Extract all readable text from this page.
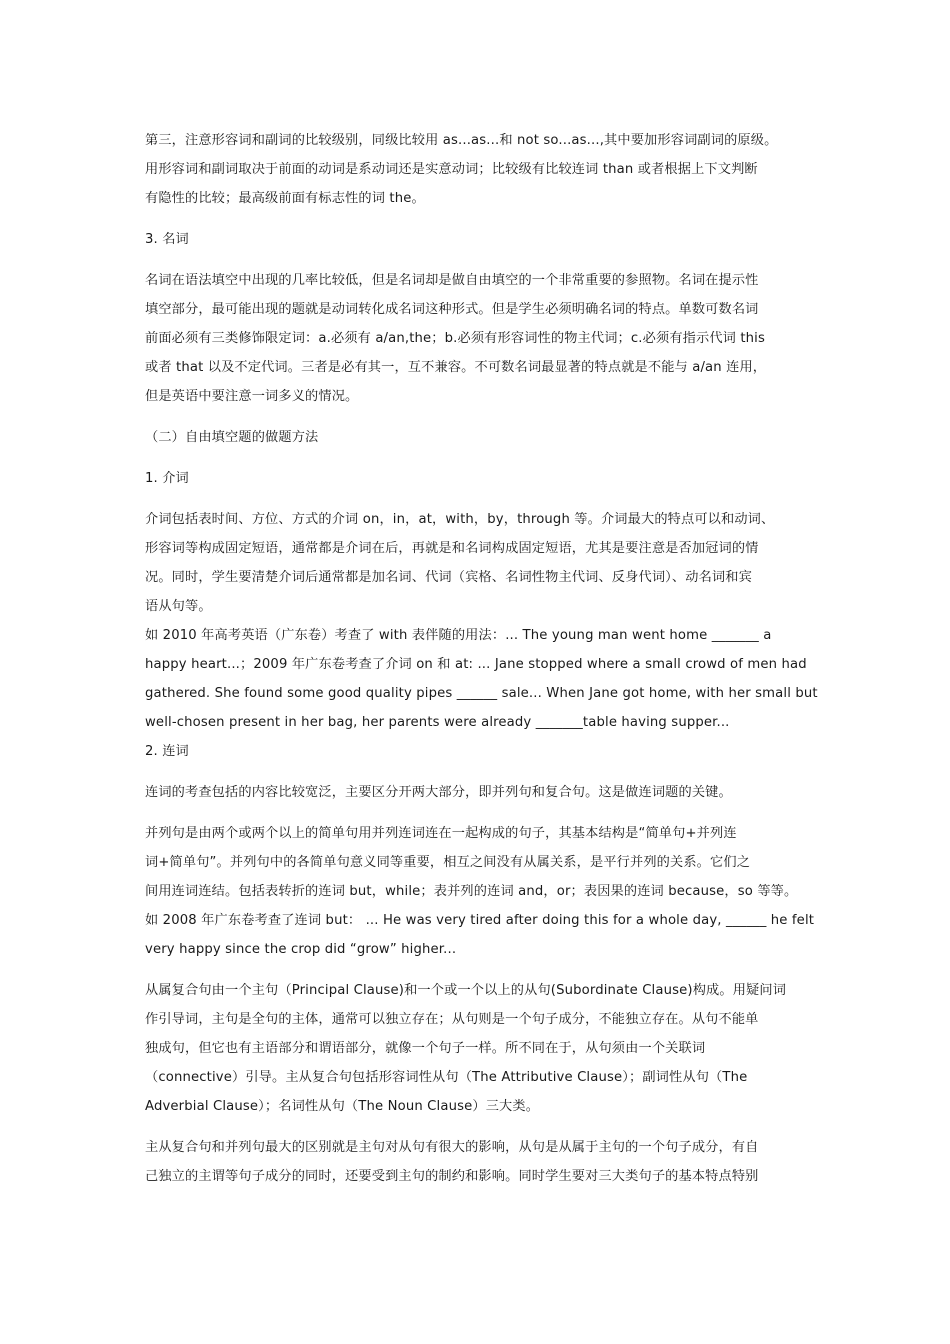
第三，注意形容词和副词的比较级别，同级比较用 as...as...和 not so...as...,其中要加形容词副词的原级。
用形容词和副词取决于前面的动词是系动词还是实意动词；比较级有比较连词 than 或者根据上下文判断
有隐性的比较；最高级前面有标志性的词 the。
3. 名词
名词在语法填空中出现的几率比较低，但是名词却是做自由填空的一个非常重要的参照物。名词在提示性
填空部分，最可能出现的题就是动词转化成名词这种形式。但是学生必须明确名词的特点。单数可数名词
前面必须有三类修饰限定词：a.必须有 a/an,the；b.必须有形容词性的物主代词；c.必须有指示代词 this
或者 that 以及不定代词。三者是必有其一，互不兼容。不可数名词最显著的特点就是不能与 a/an 连用，
但是英语中要注意一词多义的情况。
（二）自由填空题的做题方法
1. 介词
介词包括表时间、方位、方式的介词 on，in，at，with，by，through 等。介词最大的特点可以和动词、
形容词等构成固定短语，通常都是介词在后，再就是和名词构成固定短语，尤其是要注意是否加冠词的情
况。同时，学生要清楚介词后通常都是加名词、代词（宾格、名词性物主代词、反身代词）、动名词和宾
语从句等。
如 2010 年高考英语（广东卷）考查了 with 表伴随的用法：... The young man went home _______ a
happy heart...；2009 年广东卷考查了介词 on 和 at: ... Jane stopped where a small crowd of men had
gathered. She found some good quality pipes ______ sale... When Jane got home, with her small but
well-chosen present in her bag, her parents were already _______table having supper...
2. 连词
连词的考查包括的内容比较宽泛，主要区分开两大部分，即并列句和复合句。这是做连词题的关键。
并列句是由两个或两个以上的简单句用并列连词连在一起构成的句子，其基本结构是“简单句+并列连
词+简单句”。并列句中的各简单句意义同等重要，相互之间没有从属关系，是平行并列的关系。它们之
间用连词连结。包括表转折的连词 but，while；表并列的连词 and，or；表因果的连词 because，so 等等。
如 2008 年广东卷考查了连词 but： ... He was very tired after doing this for a whole day, ______ he felt
very happy since the crop did “grow” higher...
从属复合句由一个主句（Principal Clause)和一个或一个以上的从句(Subordinate Clause)构成。用疑问词
作引导词，主句是全句的主体，通常可以独立存在；从句则是一个句子成分，不能独立存在。从句不能单
独成句，但它也有主语部分和谓语部分，就像一个句子一样。所不同在于，从句须由一个关联词
（connective）引导。主从复合句包括形容词性从句（The Attributive Clause）；副词性从句（The
Adverbial Clause）；名词性从句（The Noun Clause）三大类。
主从复合句和并列句最大的区别就是主句对从句有很大的影响，从句是从属于主句的一个句子成分，有自
己独立的主谓等句子成分的同时，还要受到主句的制约和影响。同时学生要对三大类句子的基本特点特别
